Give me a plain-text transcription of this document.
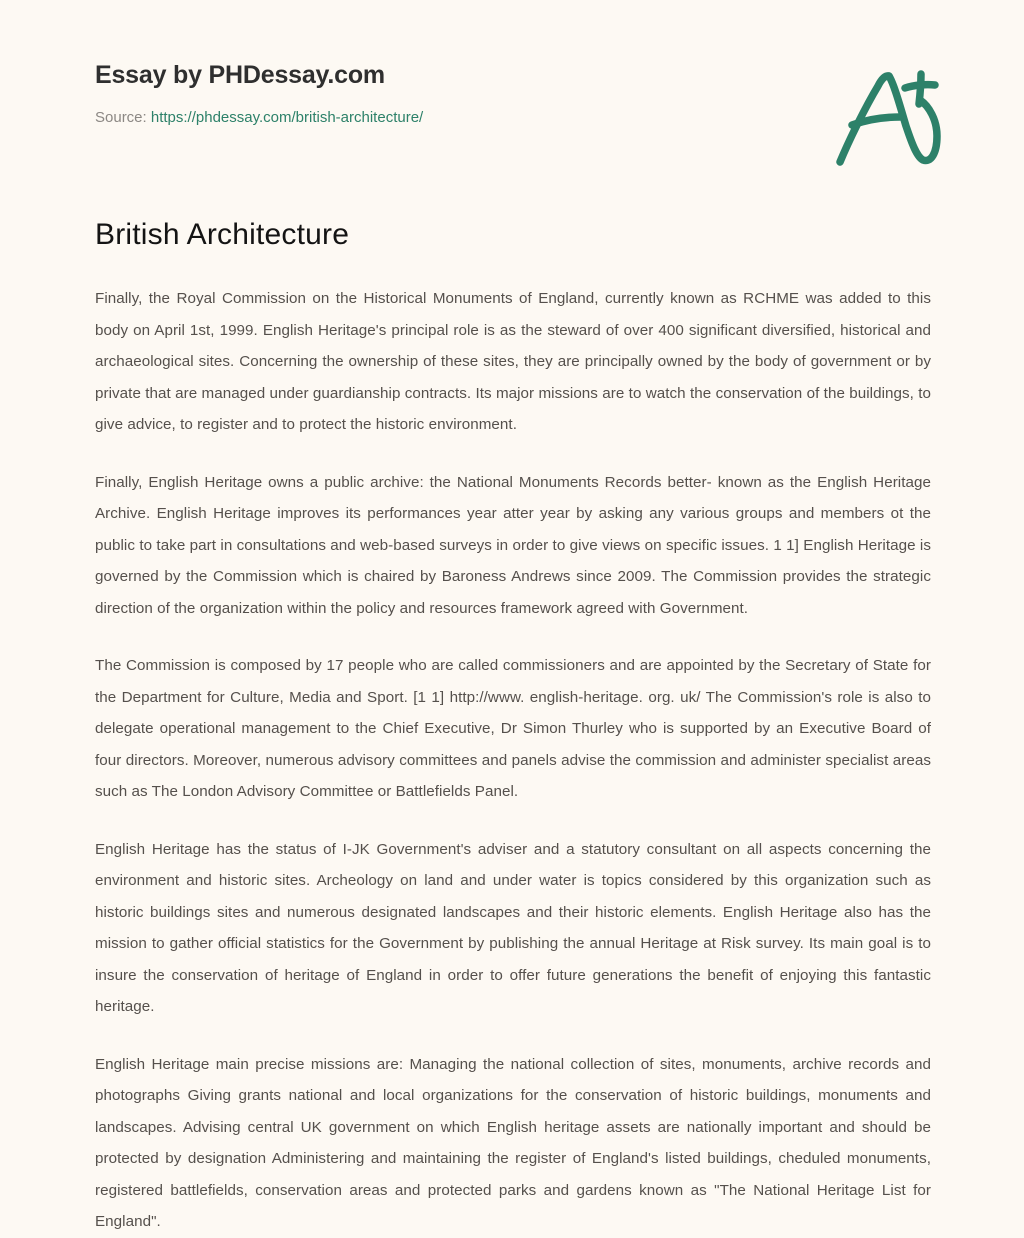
Essay by PHDessay.com
Source: https://phdessay.com/british-architecture/
British Architecture

Finally, the Royal Commission on the Historical Monuments of England, currently known as RCHME was added to this body on April 1st, 1999. English Heritage's principal role is as the steward of over 400 significant diversified, historical and archaeological sites. Concerning the ownership of these sites, they are principally owned by the body of government or by private that are managed under guardianship contracts. Its major missions are to watch the conservation of the buildings, to give advice, to register and to protect the historic environment.

Finally, English Heritage owns a public archive: the National Monuments Records better- known as the English Heritage Archive. English Heritage improves its performances year atter year by asking any various groups and members ot the public to take part in consultations and web-based surveys in order to give views on specific issues. 1 1] English Heritage is governed by the Commission which is chaired by Baroness Andrews since 2009. The Commission provides the strategic direction of the organization within the policy and resources framework agreed with Government.

The Commission is composed by 17 people who are called commissioners and are appointed by the Secretary of State for the Department for Culture, Media and Sport. [1 1] http://www. english-heritage. org. uk/ The Commission's role is also to delegate operational management to the Chief Executive, Dr Simon Thurley who is supported by an Executive Board of four directors. Moreover, numerous advisory committees and panels advise the commission and administer specialist areas such as The London Advisory Committee or Battlefields Panel.

English Heritage has the status of I-JK Government's adviser and a statutory consultant on all aspects concerning the environment and historic sites. Archeology on land and under water is topics considered by this organization such as historic buildings sites and numerous designated landscapes and their historic elements. English Heritage also has the mission to gather official statistics for the Government by publishing the annual Heritage at Risk survey. Its main goal is to insure the conservation of heritage of England in order to offer future generations the benefit of enjoying this fantastic heritage.

English Heritage main precise missions are: Managing the national collection of sites, monuments, archive records and photographs Giving grants national and local organizations for the conservation of historic buildings, monuments and landscapes. Advising central UK government on which English heritage assets are nationally important and should be protected by designation Administering and maintaining the register of England's listed buildings, cheduled monuments, registered battlefields, conservation areas and protected parks and gardens known as "The National Heritage List for England".
